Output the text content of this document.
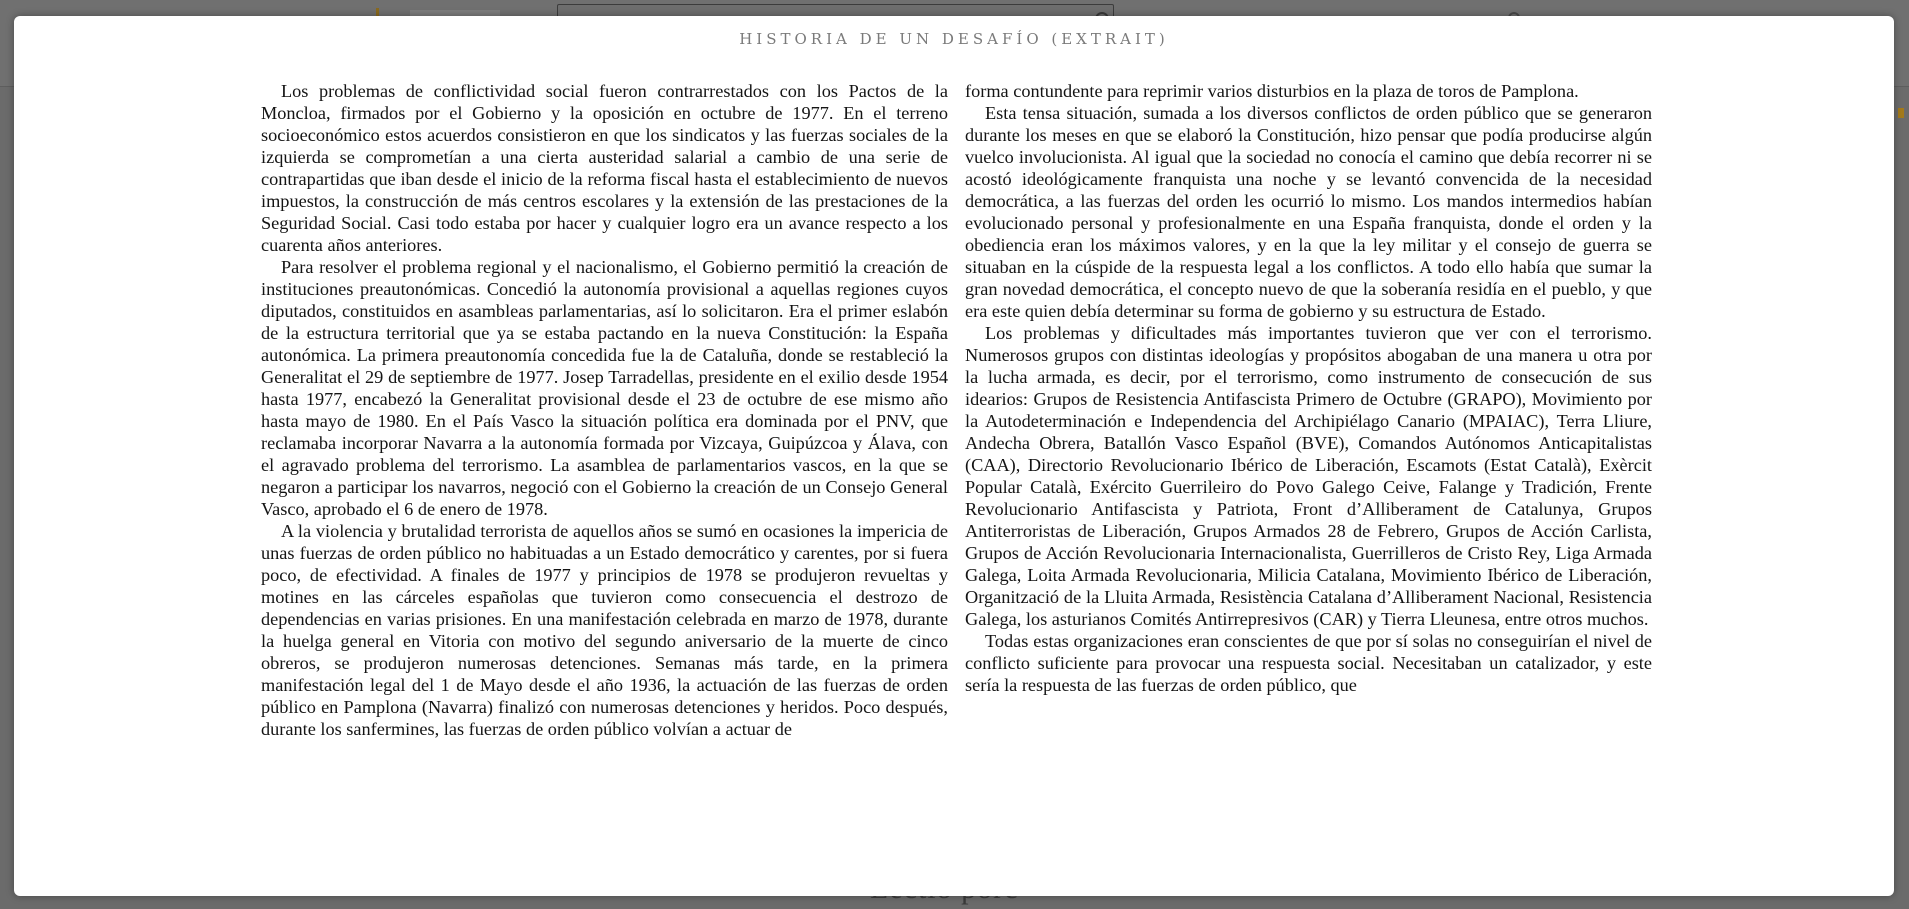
HISTORIA DE UN DESAFÍO (EXTRAIT)

Los problemas de conflictividad social fueron contrarrestados con los Pactos de la Moncloa, firmados por el Gobierno y la oposición en octubre de 1977. En el terreno socioeconómico estos acuerdos consistieron en que los sindicatos y las fuerzas sociales de la izquierda se comprometían a una cierta austeridad salarial a cambio de una serie de contrapartidas que iban desde el inicio de la reforma fiscal hasta el establecimiento de nuevos impuestos, la construcción de más centros escolares y la extensión de las prestaciones de la Seguridad Social. Casi todo estaba por hacer y cualquier logro era un avance respecto a los cuarenta años anteriores.

Para resolver el problema regional y el nacionalismo, el Gobierno permitió la creación de instituciones preautonómicas. Concedió la autonomía provisional a aquellas regiones cuyos diputados, constituidos en asambleas parlamentarias, así lo solicitaron. Era el primer eslabón de la estructura territorial que ya se estaba pactando en la nueva Constitución: la España autonómica. La primera preautonomía concedida fue la de Cataluña, donde se restableció la Generalitat el 29 de septiembre de 1977. Josep Tarradellas, presidente en el exilio desde 1954 hasta 1977, encabezó la Generalitat provisional desde el 23 de octubre de ese mismo año hasta mayo de 1980. En el País Vasco la situación política era dominada por el PNV, que reclamaba incorporar Navarra a la autonomía formada por Vizcaya, Guipúzcoa y Álava, con el agravado problema del terrorismo. La asamblea de parlamentarios vascos, en la que se negaron a participar los navarros, negoció con el Gobierno la creación de un Consejo General Vasco, aprobado el 6 de enero de 1978.

A la violencia y brutalidad terrorista de aquellos años se sumó en ocasiones la impericia de unas fuerzas de orden público no habituadas a un Estado democrático y carentes, por si fuera poco, de efectividad. A finales de 1977 y principios de 1978 se produjeron revueltas y motines en las cárceles españolas que tuvieron como consecuencia el destrozo de dependencias en varias prisiones. En una manifestación celebrada en marzo de 1978, durante la huelga general en Vitoria con motivo del segundo aniversario de la muerte de cinco obreros, se produjeron numerosas detenciones. Semanas más tarde, en la primera manifestación legal del 1 de Mayo desde el año 1936, la actuación de las fuerzas de orden público en Pamplona (Navarra) finalizó con numerosas detenciones y heridos. Poco después, durante los sanfermines, las fuerzas de orden público volvían a actuar de

forma contundente para reprimir varios disturbios en la plaza de toros de Pamplona.

Esta tensa situación, sumada a los diversos conflictos de orden público que se generaron durante los meses en que se elaboró la Constitución, hizo pensar que podía producirse algún vuelco involucionista. Al igual que la sociedad no conocía el camino que debía recorrer ni se acostó ideológicamente franquista una noche y se levantó convencida de la necesidad democrática, a las fuerzas del orden les ocurrió lo mismo. Los mandos intermedios habían evolucionado personal y profesionalmente en una España franquista, donde el orden y la obediencia eran los máximos valores, y en la que la ley militar y el consejo de guerra se situaban en la cúspide de la respuesta legal a los conflictos. A todo ello había que sumar la gran novedad democrática, el concepto nuevo de que la soberanía residía en el pueblo, y que era este quien debía determinar su forma de gobierno y su estructura de Estado.

Los problemas y dificultades más importantes tuvieron que ver con el terrorismo. Numerosos grupos con distintas ideologías y propósitos abogaban de una manera u otra por la lucha armada, es decir, por el terrorismo, como instrumento de consecución de sus idearios: Grupos de Resistencia Antifascista Primero de Octubre (GRAPO), Movimiento por la Autodeterminación e Independencia del Archipiélago Canario (MPAIAC), Terra Lliure, Andecha Obrera, Batallón Vasco Español (BVE), Comandos Autónomos Anticapitalistas (CAA), Directorio Revolucionario Ibérico de Liberación, Escamots (Estat Català), Exèrcit Popular Català, Exército Guerrileiro do Povo Galego Ceive, Falange y Tradición, Frente Revolucionario Antifascista y Patriota, Front d’Alliberament de Catalunya, Grupos Antiterroristas de Liberación, Grupos Armados 28 de Febrero, Grupos de Acción Carlista, Grupos de Acción Revolucionaria Internacionalista, Guerrilleros de Cristo Rey, Liga Armada Galega, Loita Armada Revolucionaria, Milicia Catalana, Movimiento Ibérico de Liberación, Organització de la Lluita Armada, Resistència Catalana d’Alliberament Nacional, Resistencia Galega, los asturianos Comités Antirrepresivos (CAR) y Tierra Lleunesa, entre otros muchos.

Todas estas organizaciones eran conscientes de que por sí solas no conseguirían el nivel de conflicto suficiente para provocar una respuesta social. Necesitaban un catalizador, y este sería la respuesta de las fuerzas de orden público, que
